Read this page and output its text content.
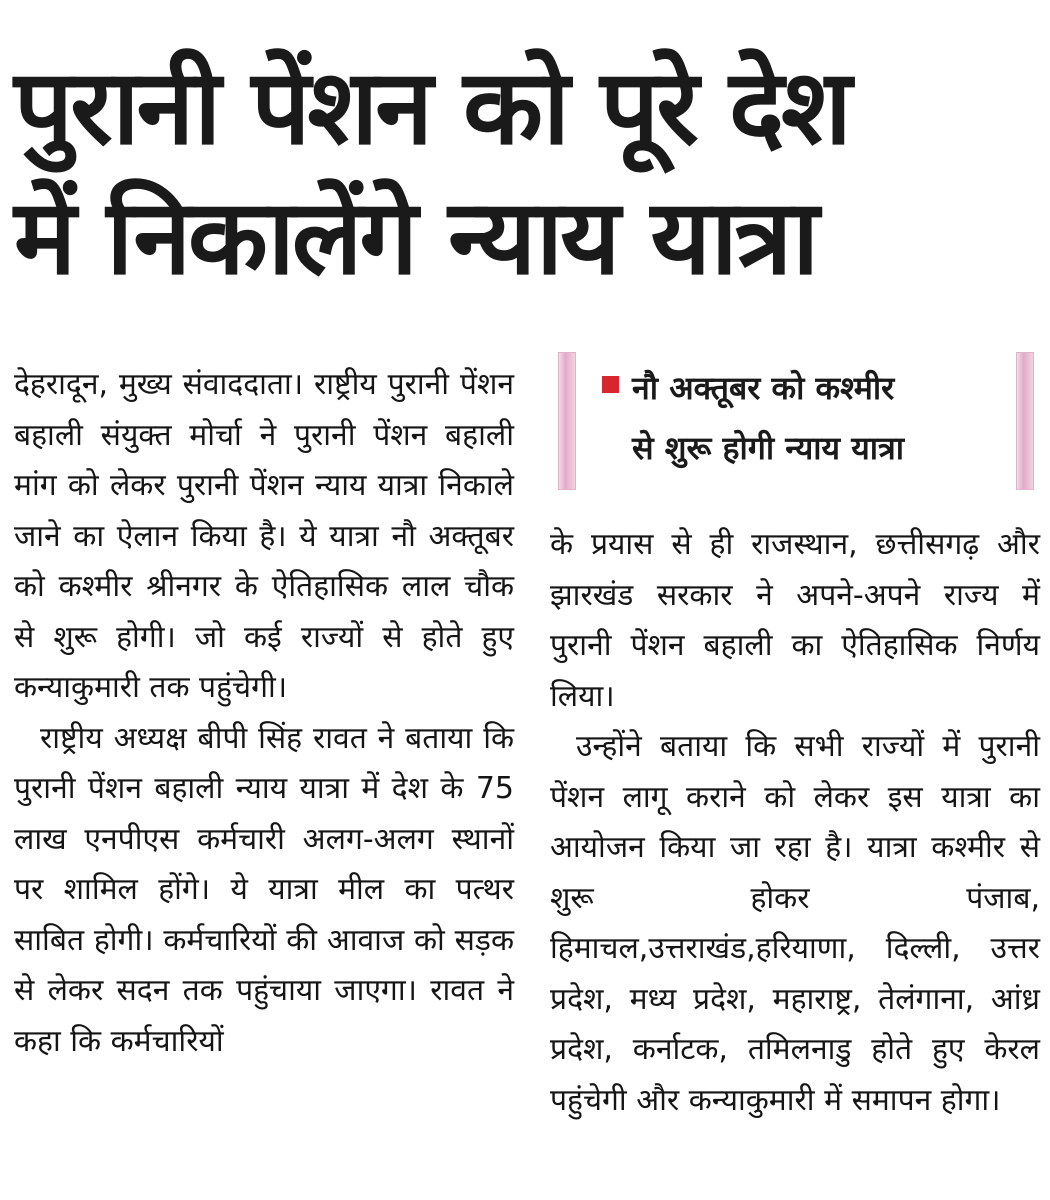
पुरानी पेंशन को पूरे देश
में निकालेंगे न्याय यात्रा

देहरादून, मुख्य संवाददाता। राष्ट्रीय पुरानी पेंशन बहाली संयुक्त मोर्चा ने पुरानी पेंशन बहाली मांग को लेकर पुरानी पेंशन न्याय यात्रा निकाले जाने का ऐलान किया है। ये यात्रा नौ अक्तूबर को कश्मीर श्रीनगर के ऐतिहासिक लाल चौक से शुरू होगी। जो कई राज्यों से होते हुए कन्याकुमारी तक पहुंचेगी।

राष्ट्रीय अध्यक्ष बीपी सिंह रावत ने बताया कि पुरानी पेंशन बहाली न्याय यात्रा में देश के 75 लाख एनपीएस कर्मचारी अलग-अलग स्थानों पर शामिल होंगे। ये यात्रा मील का पत्थर साबित होगी। कर्मचारियों की आवाज को सड़क से लेकर सदन तक पहुंचाया जाएगा। रावत ने कहा कि कर्मचारियों

नौ अक्तूबर को कश्मीर
से शुरू होगी न्याय यात्रा

के प्रयास से ही राजस्थान, छत्तीसगढ़ और झारखंड सरकार ने अपने-अपने राज्य में पुरानी पेंशन बहाली का ऐतिहासिक निर्णय लिया।

उन्होंने बताया कि सभी राज्यों में पुरानी पेंशन लागू कराने को लेकर इस यात्रा का आयोजन किया जा रहा है। यात्रा कश्मीर से शुरू होकर पंजाब, हिमाचल,उत्तराखंड,हरियाणा, दिल्ली, उत्तर प्रदेश, मध्य प्रदेश, महाराष्ट्र, तेलंगाना, आंध्र प्रदेश, कर्नाटक, तमिलनाडु होते हुए केरल पहुंचेगी और कन्याकुमारी में समापन होगा।
